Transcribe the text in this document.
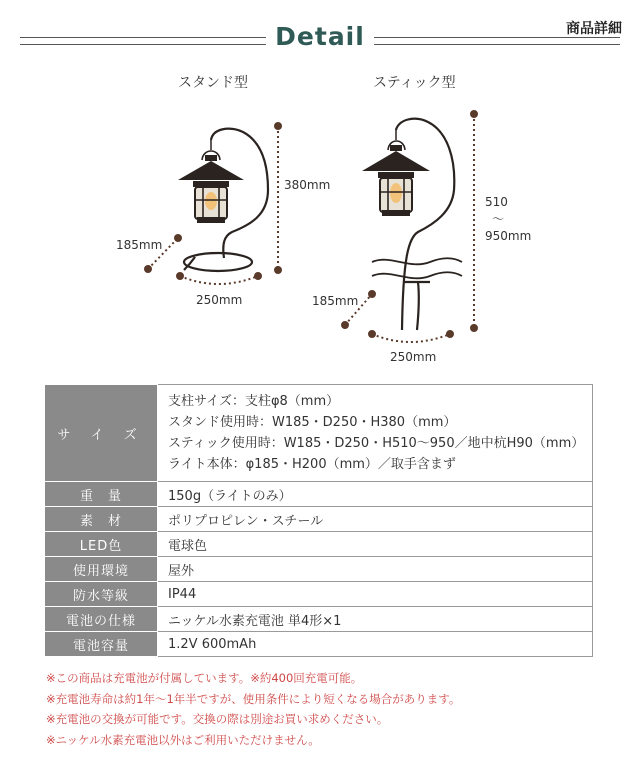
商品詳細
Detail
スタンド型	スティック型
380mm
185mm
250mm
510
〜
950mm
185mm
250mm
サ イ ズ	支柱サイズ：支柱φ8（mm）
スタンド使用時：W185・D250・H380（mm）
スティック使用時：W185・D250・H510〜950／地中杭H90（mm）
ライト本体：φ185・H200（mm）／取手含まず

重　量	150g（ライトのみ）
素　材	ポリプロピレン・スチール
LED色	電球色
使用環境	屋外
防水等級	IP44
電池の仕様	ニッケル水素充電池 単4形×1
電池容量	1.2V 600mAh
※この商品は充電池が付属しています。※約400回充電可能。
※充電池寿命は約1年〜1年半ですが、使用条件により短くなる場合があります。
※充電池の交換が可能です。交換の際は別途お買い求めください。
※ニッケル水素充電池以外はご利用いただけません。
